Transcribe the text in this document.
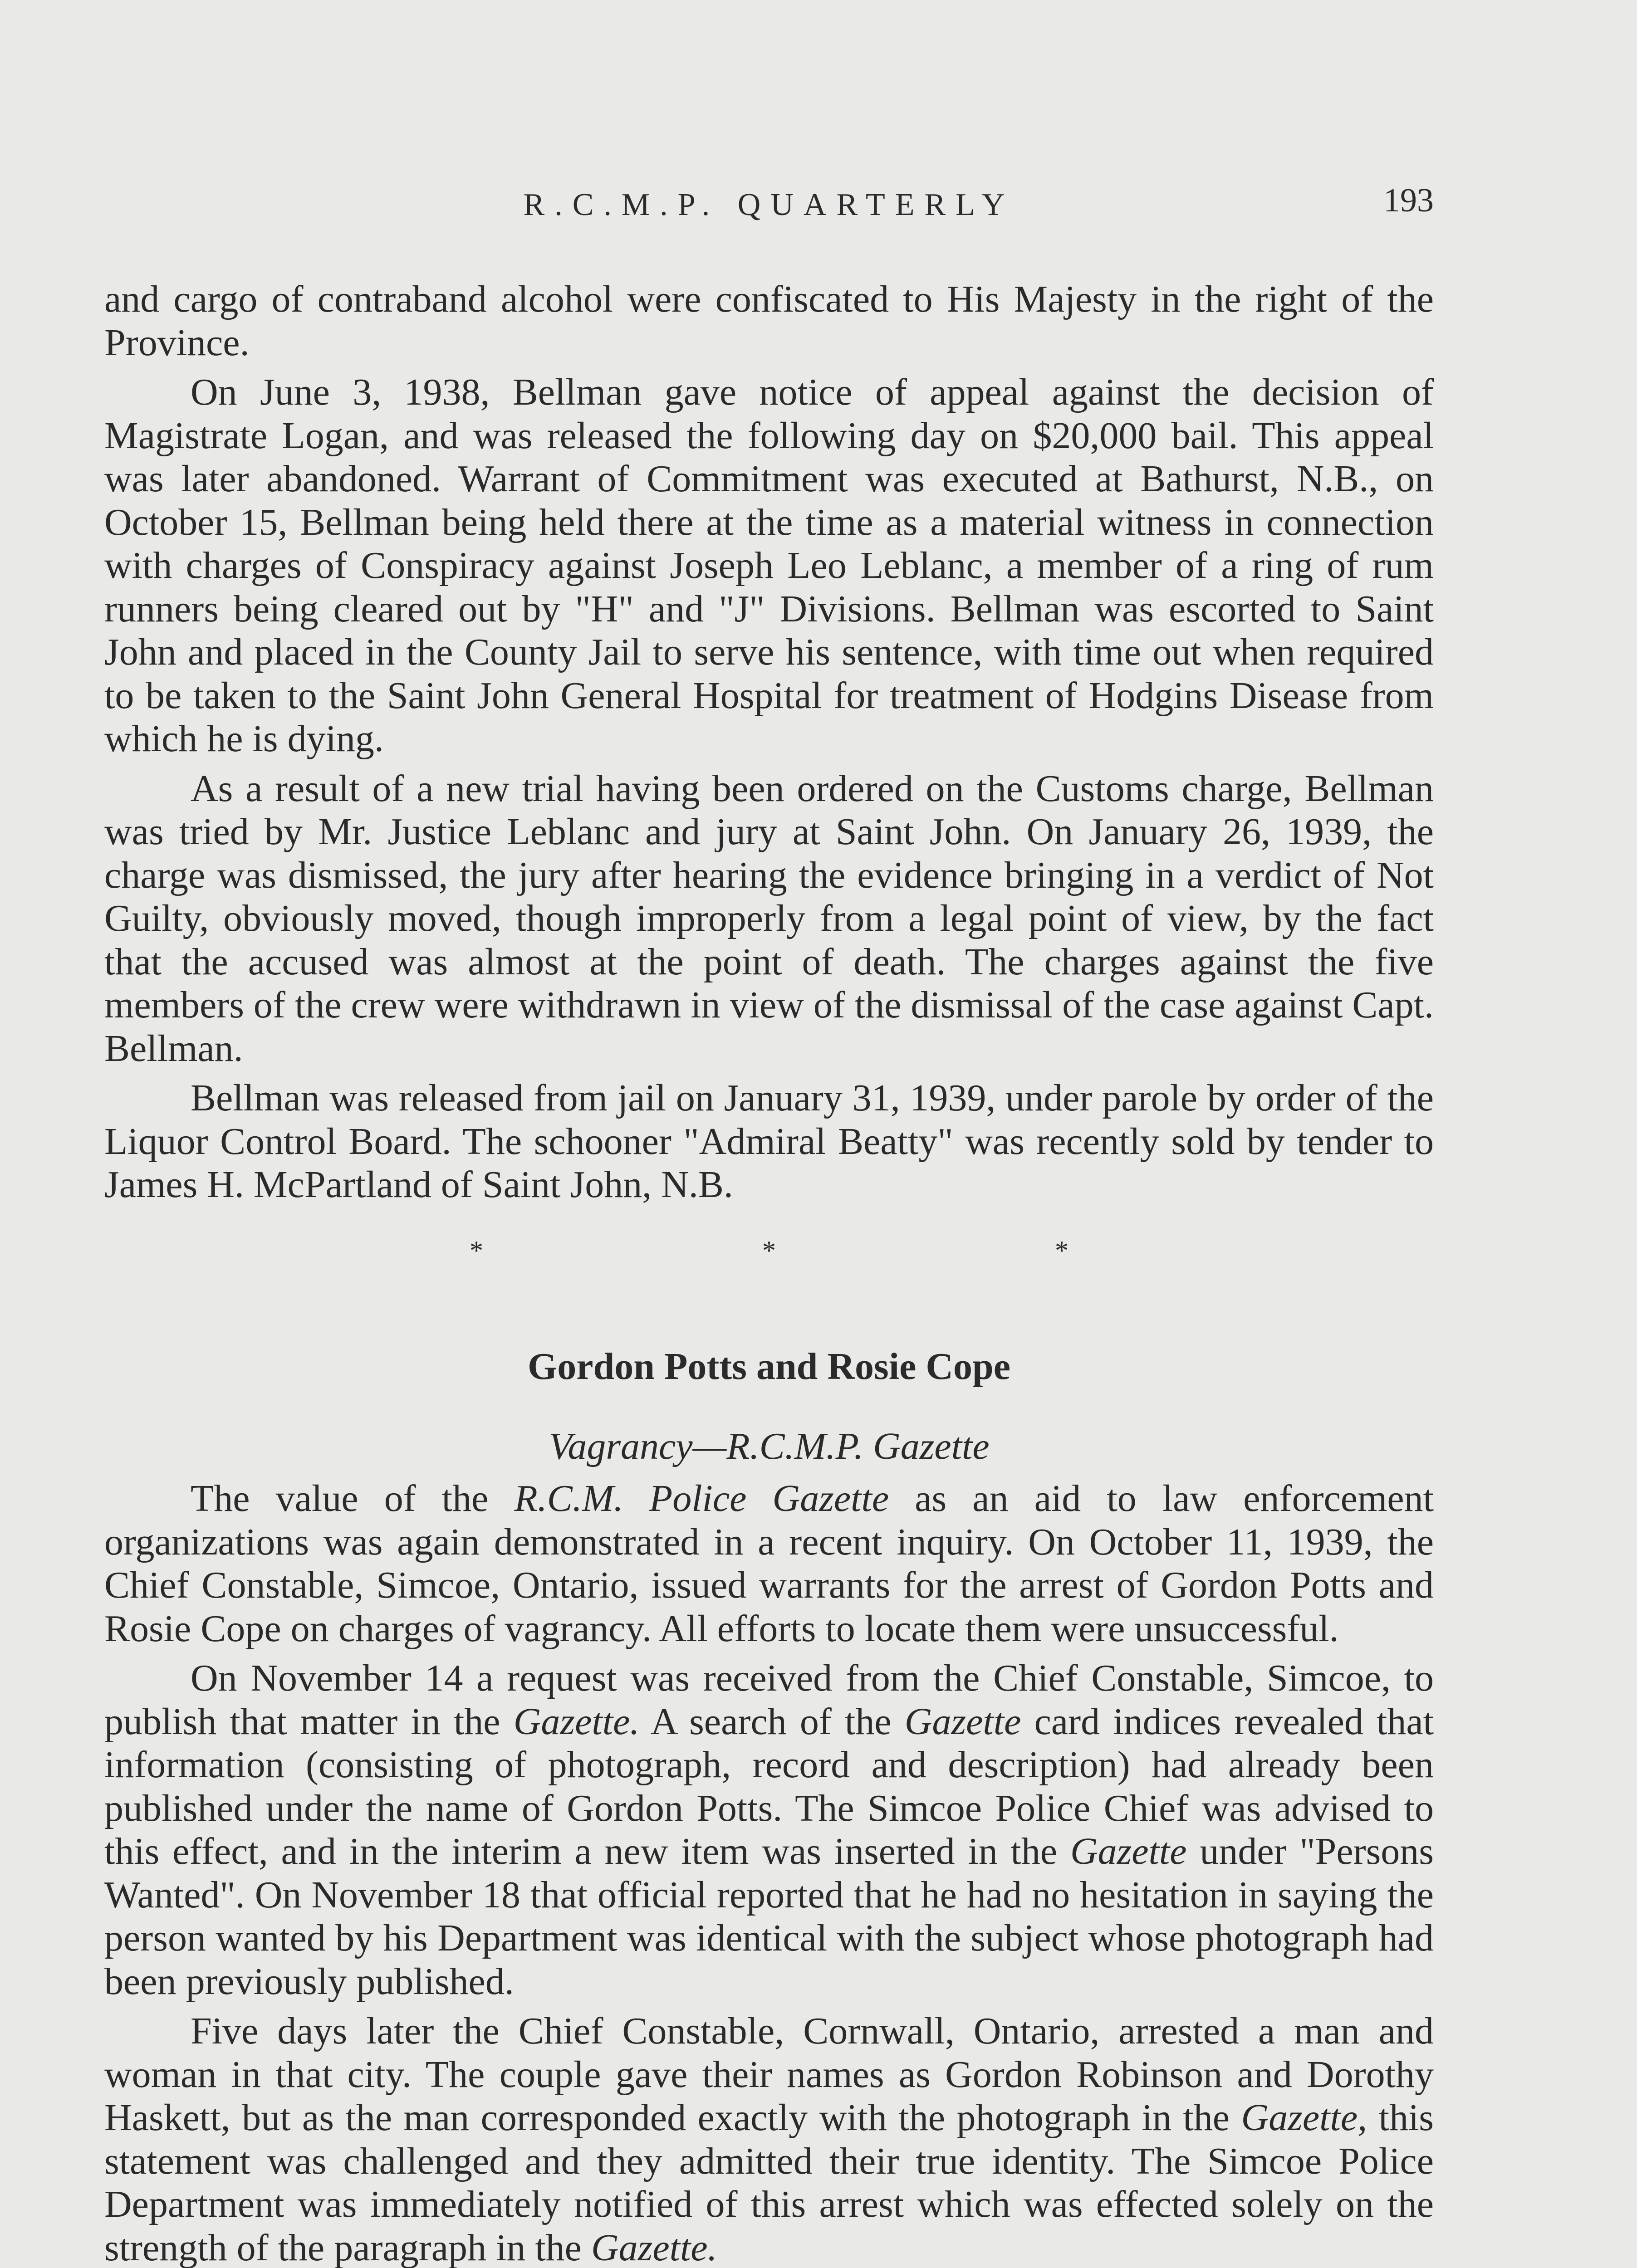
R.C.M.P. QUARTERLY	193

and cargo of contraband alcohol were confiscated to His Majesty in the right of the Province.

On June 3, 1938, Bellman gave notice of appeal against the decision of Magistrate Logan, and was released the following day on $20,000 bail. This appeal was later abandoned. Warrant of Commitment was executed at Bathurst, N.B., on October 15, Bellman being held there at the time as a material witness in connection with charges of Conspiracy against Joseph Leo Leblanc, a member of a ring of rum runners being cleared out by "H" and "J" Divisions. Bellman was escorted to Saint John and placed in the County Jail to serve his sentence, with time out when required to be taken to the Saint John General Hospital for treatment of Hodgins Disease from which he is dying.

As a result of a new trial having been ordered on the Customs charge, Bellman was tried by Mr. Justice Leblanc and jury at Saint John. On January 26, 1939, the charge was dismissed, the jury after hearing the evidence bringing in a verdict of Not Guilty, obviously moved, though improperly from a legal point of view, by the fact that the accused was almost at the point of death. The charges against the five members of the crew were withdrawn in view of the dismissal of the case against Capt. Bellman.

Bellman was released from jail on January 31, 1939, under parole by order of the Liquor Control Board. The schooner "Admiral Beatty" was recently sold by tender to James H. McPartland of Saint John, N.B.

* * *
Gordon Potts and Rosie Cope
Vagrancy—R.C.M.P. Gazette

The value of the R.C.M. Police Gazette as an aid to law enforcement organizations was again demonstrated in a recent inquiry. On October 11, 1939, the Chief Constable, Simcoe, Ontario, issued warrants for the arrest of Gordon Potts and Rosie Cope on charges of vagrancy. All efforts to locate them were unsuccessful.

On November 14 a request was received from the Chief Constable, Simcoe, to publish that matter in the Gazette. A search of the Gazette card indices revealed that information (consisting of photograph, record and description) had already been published under the name of Gordon Potts. The Simcoe Police Chief was advised to this effect, and in the interim a new item was inserted in the Gazette under "Persons Wanted". On November 18 that official reported that he had no hesitation in saying the person wanted by his Department was identical with the subject whose photograph had been previously published.

Five days later the Chief Constable, Cornwall, Ontario, arrested a man and woman in that city. The couple gave their names as Gordon Robinson and Dorothy Haskett, but as the man corresponded exactly with the photograph in the Gazette, this statement was challenged and they admitted their true identity. The Simcoe Police Department was immediately notified of this arrest which was effected solely on the strength of the paragraph in the Gazette.
